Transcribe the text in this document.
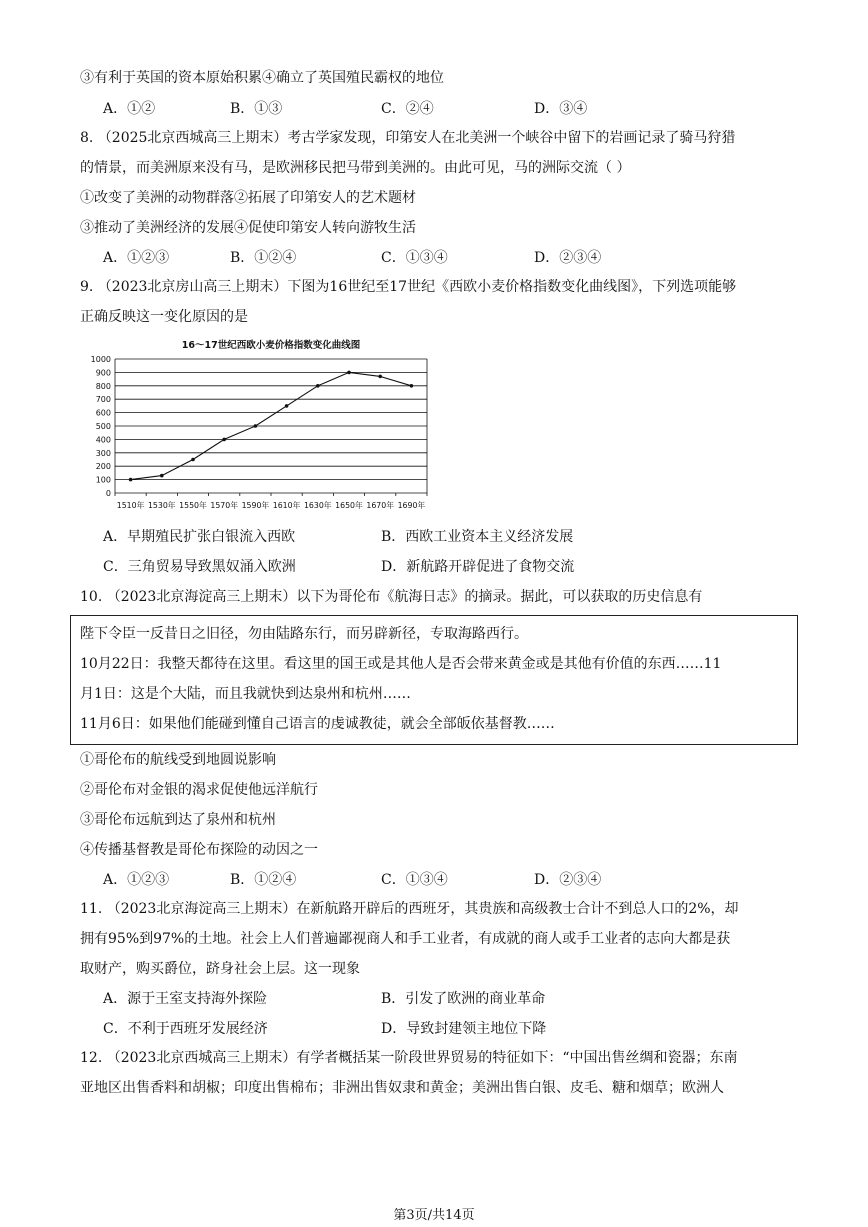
③有利于英国的资本原始积累④确立了英国殖民霸权的地位
A．①②	B．①③	C．②④	D．③④
8. （2025北京西城高三上期末）考古学家发现，印第安人在北美洲一个峡谷中留下的岩画记录了骑马狩猎
的情景，而美洲原来没有马，是欧洲移民把马带到美洲的。由此可见，马的洲际交流（ ）
①改变了美洲的动物群落②拓展了印第安人的艺术题材
③推动了美洲经济的发展④促使印第安人转向游牧生活
A．①②③	B．①②④	C．①③④	D．②③④
9. （2023北京房山高三上期末）下图为16世纪至17世纪《西欧小麦价格指数变化曲线图》，下列选项能够
正确反映这一变化原因的是
16～17世纪西欧小麦价格指数变化曲线图
0
100
200
300
400
500
600
700
800
900
1000
1510年 1530年 1550年 1570年 1590年 1610年 1630年 1650年 1670年 1690年
A．早期殖民扩张白银流入西欧	B．西欧工业资本主义经济发展
C．三角贸易导致黑奴涌入欧洲	D．新航路开辟促进了食物交流
10. （2023北京海淀高三上期末）以下为哥伦布《航海日志》的摘录。据此，可以获取的历史信息有
陛下令臣一反昔日之旧径，勿由陆路东行，而另辟新径，专取海路西行。
10月22日：我整天都待在这里。看这里的国王或是其他人是否会带来黄金或是其他有价值的东西……11
月1日：这是个大陆，而且我就快到达泉州和杭州……
11月6日：如果他们能碰到懂自己语言的虔诚教徒，就会全部皈依基督教……
①哥伦布的航线受到地圆说影响
②哥伦布对金银的渴求促使他远洋航行
③哥伦布远航到达了泉州和杭州
④传播基督教是哥伦布探险的动因之一
A．①②③	B．①②④	C．①③④	D．②③④
11. （2023北京海淀高三上期末）在新航路开辟后的西班牙，其贵族和高级教士合计不到总人口的2%，却
拥有95%到97%的土地。社会上人们普遍鄙视商人和手工业者，有成就的商人或手工业者的志向大都是获
取财产，购买爵位，跻身社会上层。这一现象
A．源于王室支持海外探险	B．引发了欧洲的商业革命
C．不利于西班牙发展经济	D．导致封建领主地位下降
12. （2023北京西城高三上期末）有学者概括某一阶段世界贸易的特征如下：“中国出售丝绸和瓷器；东南
亚地区出售香料和胡椒；印度出售棉布；非洲出售奴隶和黄金；美洲出售白银、皮毛、糖和烟草；欧洲人
第3页/共14页
